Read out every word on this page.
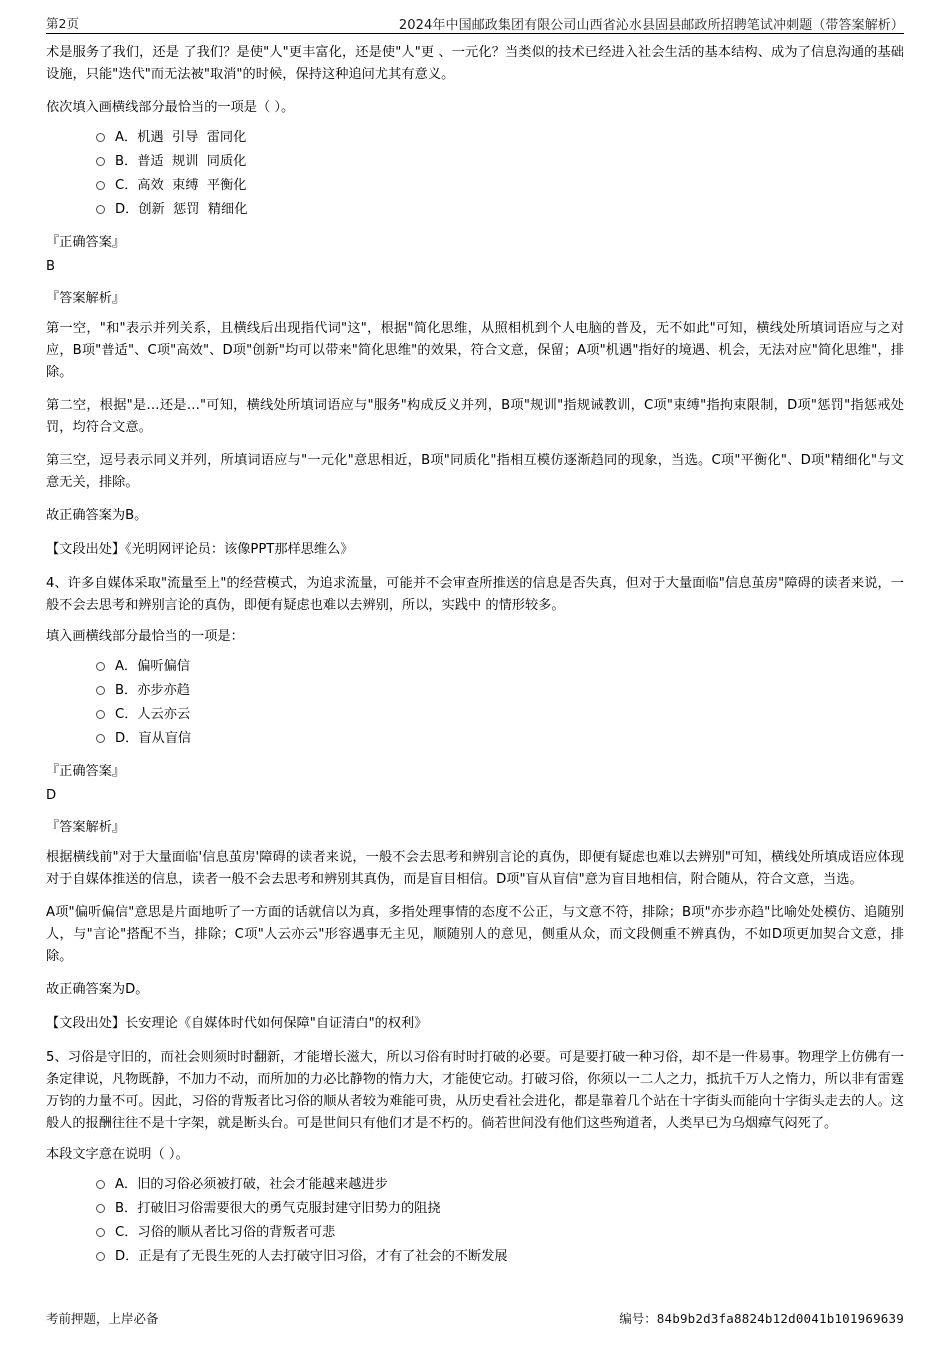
第2页	2024年中国邮政集团有限公司山西省沁水县固县邮政所招聘笔试冲刺题（带答案解析）

术是服务了我们，还是 了我们？是使"人"更丰富化，还是使"人"更 、一元化？当类似的技术已经进入社会生活的基本结构、成为了信息沟通的基础设施，只能"迭代"而无法被"取消"的时候，保持这种追问尤其有意义。

依次填入画横线部分最恰当的一项是（ ）。

A． 机遇  引导  雷同化
B． 普适  规训  同质化
C． 高效  束缚  平衡化
D． 创新  惩罚  精细化

『正确答案』

B

『答案解析』

第一空，"和"表示并列关系，且横线后出现指代词"这"，根据"简化思维，从照相机到个人电脑的普及，无不如此"可知，横线处所填词语应与之对应，B项"普适"、C项"高效"、D项"创新"均可以带来"简化思维"的效果，符合文意，保留；A项"机遇"指好的境遇、机会，无法对应"简化思维"，排除。

第二空，根据"是…还是…"可知，横线处所填词语应与"服务"构成反义并列，B项"规训"指规诫教训，C项"束缚"指拘束限制，D项"惩罚"指惩戒处罚，均符合文意。

第三空，逗号表示同义并列，所填词语应与"一元化"意思相近，B项"同质化"指相互模仿逐渐趋同的现象，当选。C项"平衡化"、D项"精细化"与文意无关，排除。

故正确答案为B。

【文段出处】《光明网评论员：该像PPT那样思维么》

4、许多自媒体采取"流量至上"的经营模式，为追求流量，可能并不会审查所推送的信息是否失真，但对于大量面临"信息茧房"障碍的读者来说，一般不会去思考和辨别言论的真伪，即便有疑虑也难以去辨别，所以，实践中 的情形较多。

填入画横线部分最恰当的一项是：

A． 偏听偏信
B． 亦步亦趋
C． 人云亦云
D． 盲从盲信

『正确答案』

D

『答案解析』

根据横线前"对于大量面临'信息茧房'障碍的读者来说，一般不会去思考和辨别言论的真伪，即便有疑虑也难以去辨别"可知，横线处所填成语应体现对于自媒体推送的信息，读者一般不会去思考和辨别其真伪，而是盲目相信。D项"盲从盲信"意为盲目地相信，附合随从，符合文意，当选。

A项"偏听偏信"意思是片面地听了一方面的话就信以为真，多指处理事情的态度不公正，与文意不符，排除；B项"亦步亦趋"比喻处处模仿、追随别人，与"言论"搭配不当，排除；C项"人云亦云"形容遇事无主见，顺随别人的意见，侧重从众，而文段侧重不辨真伪，不如D项更加契合文意，排除。

故正确答案为D。

【文段出处】长安理论《自媒体时代如何保障"自证清白"的权利》

5、习俗是守旧的，而社会则须时时翻新，才能增长滋大，所以习俗有时时打破的必要。可是要打破一种习俗，却不是一件易事。物理学上仿佛有一条定律说，凡物既静，不加力不动，而所加的力必比静物的惰力大，才能使它动。打破习俗，你须以一二人之力，抵抗千万人之惰力，所以非有雷霆万钧的力量不可。因此，习俗的背叛者比习俗的顺从者较为难能可贵，从历史看社会进化，都是靠着几个站在十字街头而能向十字街头走去的人。这般人的报酬往往不是十字架，就是断头台。可是世间只有他们才是不朽的。倘若世间没有他们这些殉道者，人类早已为乌烟瘴气闷死了。

本段文字意在说明（ ）。

A． 旧的习俗必须被打破，社会才能越来越进步
B． 打破旧习俗需要很大的勇气克服封建守旧势力的阻挠
C． 习俗的顺从者比习俗的背叛者可悲
D． 正是有了无畏生死的人去打破守旧习俗，才有了社会的不断发展
考前押题，上岸必备	编号：84b9b2d3fa8824b12d0041b101969639
